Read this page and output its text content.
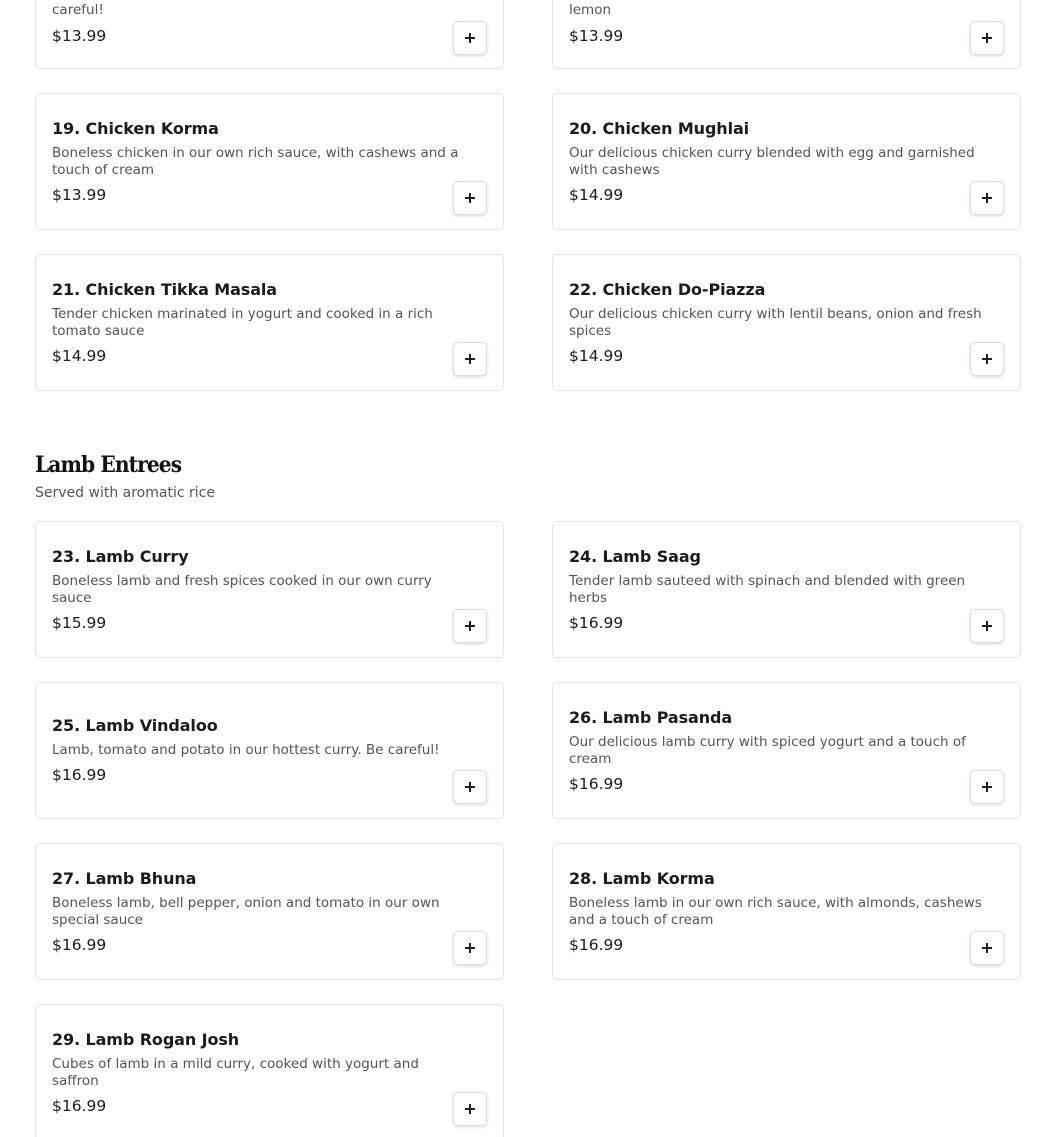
careful!
$13.99
lemon
$13.99
19. Chicken Korma
Boneless chicken in our own rich sauce, with cashews and a touch of cream
$13.99
20. Chicken Mughlai
Our delicious chicken curry blended with egg and garnished with cashews
$14.99
21. Chicken Tikka Masala
Tender chicken marinated in yogurt and cooked in a rich tomato sauce
$14.99
22. Chicken Do-Piazza
Our delicious chicken curry with lentil beans, onion and fresh spices
$14.99
Lamb Entrees
Served with aromatic rice
23. Lamb Curry
Boneless lamb and fresh spices cooked in our own curry sauce
$15.99
24. Lamb Saag
Tender lamb sauteed with spinach and blended with green herbs
$16.99
25. Lamb Vindaloo
Lamb, tomato and potato in our hottest curry. Be careful!
$16.99
26. Lamb Pasanda
Our delicious lamb curry with spiced yogurt and a touch of cream
$16.99
27. Lamb Bhuna
Boneless lamb, bell pepper, onion and tomato in our own special sauce
$16.99
28. Lamb Korma
Boneless lamb in our own rich sauce, with almonds, cashews and a touch of cream
$16.99
29. Lamb Rogan Josh
Cubes of lamb in a mild curry, cooked with yogurt and saffron
$16.99
